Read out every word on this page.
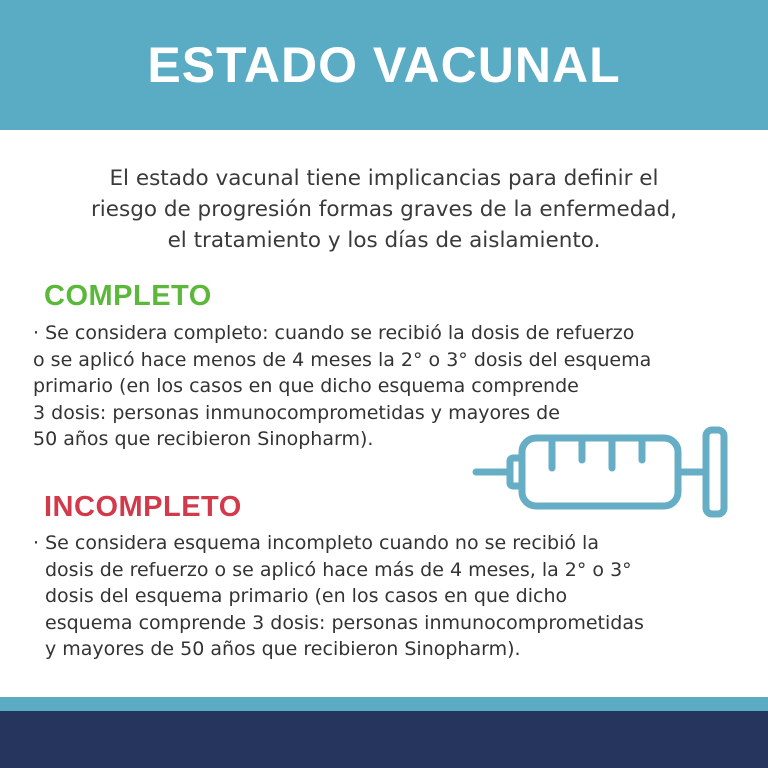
ESTADO VACUNAL
El estado vacunal tiene implicancias para definir el
riesgo de progresión formas graves de la enfermedad,
el tratamiento y los días de aislamiento.
COMPLETO
· Se considera completo: cuando se recibió la dosis de refuerzo
o se aplicó hace menos de 4 meses la 2° o 3° dosis del esquema
primario (en los casos en que dicho esquema comprende
3 dosis: personas inmunocomprometidas y mayores de
50 años que recibieron Sinopharm).
INCOMPLETO
· Se considera esquema incompleto cuando no se recibió la
dosis de refuerzo o se aplicó hace más de 4 meses, la 2° o 3°
dosis del esquema primario (en los casos en que dicho
esquema comprende 3 dosis: personas inmunocomprometidas
y mayores de 50 años que recibieron Sinopharm).
